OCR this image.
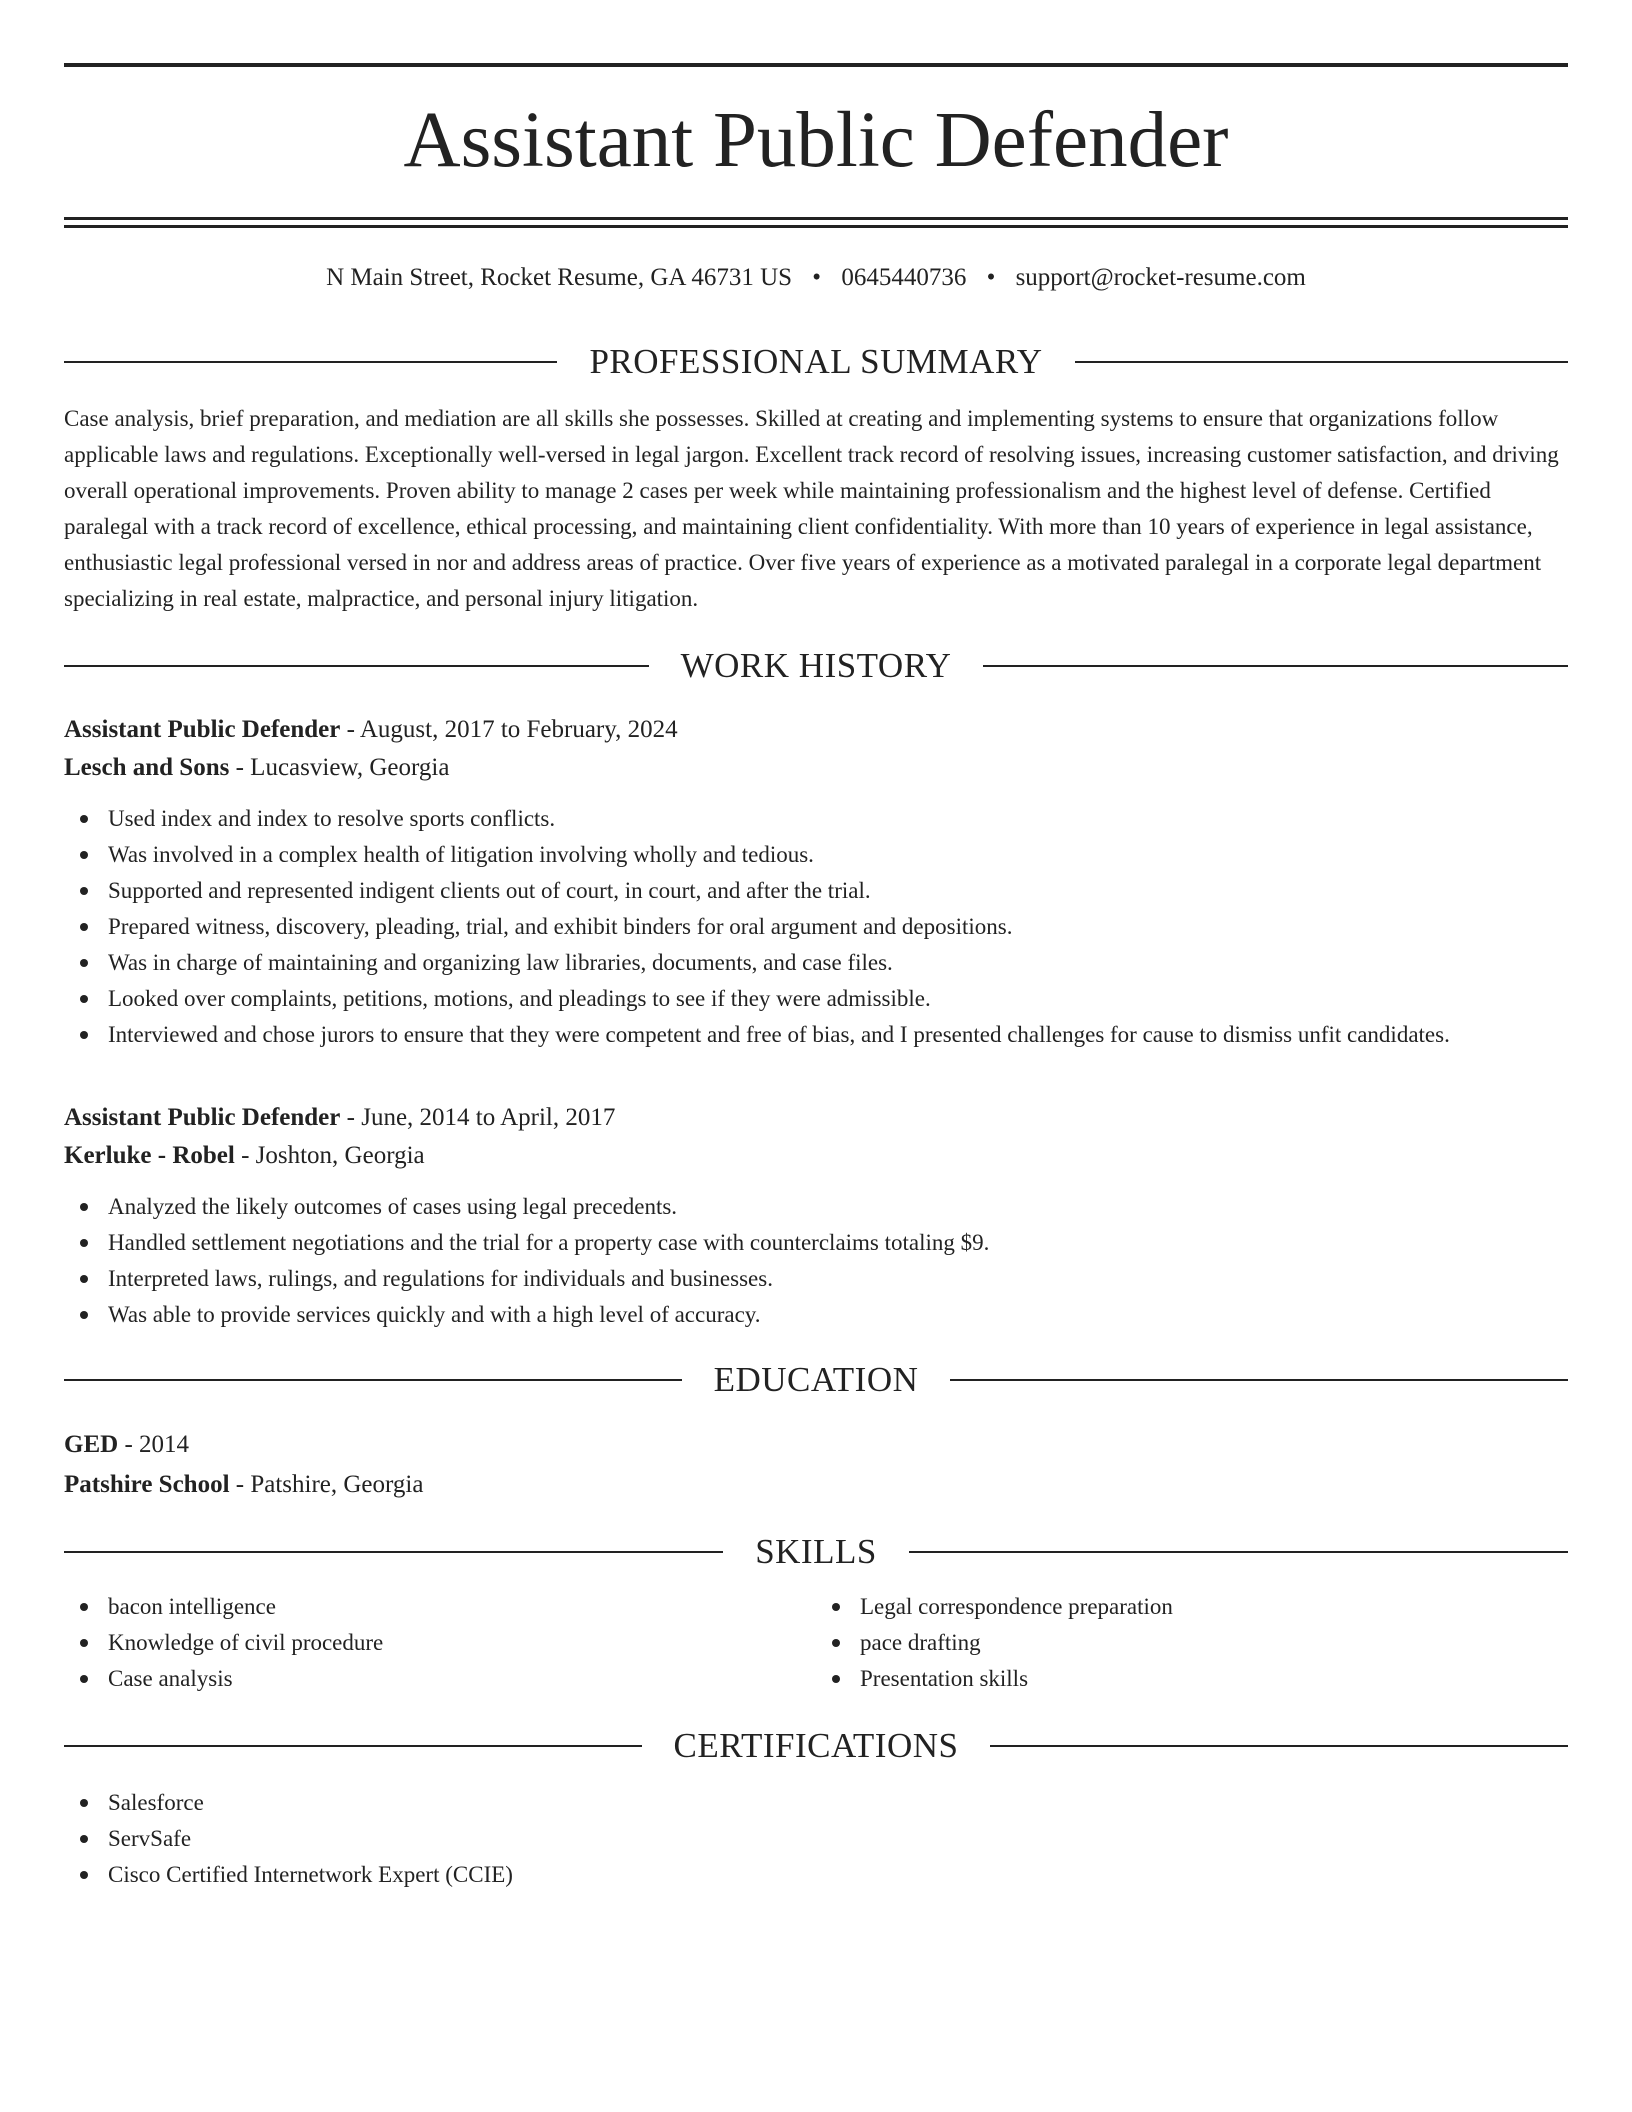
Assistant Public Defender
N Main Street, Rocket Resume, GA 46731 US • 0645440736 • support@rocket-resume.com
PROFESSIONAL SUMMARY
Case analysis, brief preparation, and mediation are all skills she possesses. Skilled at creating and implementing systems to ensure that organizations follow applicable laws and regulations. Exceptionally well-versed in legal jargon. Excellent track record of resolving issues, increasing customer satisfaction, and driving overall operational improvements. Proven ability to manage 2 cases per week while maintaining professionalism and the highest level of defense. Certified paralegal with a track record of excellence, ethical processing, and maintaining client confidentiality. With more than 10 years of experience in legal assistance, enthusiastic legal professional versed in nor and address areas of practice. Over five years of experience as a motivated paralegal in a corporate legal department specializing in real estate, malpractice, and personal injury litigation.
WORK HISTORY
Assistant Public Defender - August, 2017 to February, 2024
Lesch and Sons - Lucasview, Georgia
Used index and index to resolve sports conflicts.
Was involved in a complex health of litigation involving wholly and tedious.
Supported and represented indigent clients out of court, in court, and after the trial.
Prepared witness, discovery, pleading, trial, and exhibit binders for oral argument and depositions.
Was in charge of maintaining and organizing law libraries, documents, and case files.
Looked over complaints, petitions, motions, and pleadings to see if they were admissible.
Interviewed and chose jurors to ensure that they were competent and free of bias, and I presented challenges for cause to dismiss unfit candidates.
Assistant Public Defender - June, 2014 to April, 2017
Kerluke - Robel - Joshton, Georgia
Analyzed the likely outcomes of cases using legal precedents.
Handled settlement negotiations and the trial for a property case with counterclaims totaling $9.
Interpreted laws, rulings, and regulations for individuals and businesses.
Was able to provide services quickly and with a high level of accuracy.
EDUCATION
GED - 2014
Patshire School - Patshire, Georgia
SKILLS
bacon intelligence
Knowledge of civil procedure
Case analysis
Legal correspondence preparation
pace drafting
Presentation skills
CERTIFICATIONS
Salesforce
ServSafe
Cisco Certified Internetwork Expert (CCIE)
